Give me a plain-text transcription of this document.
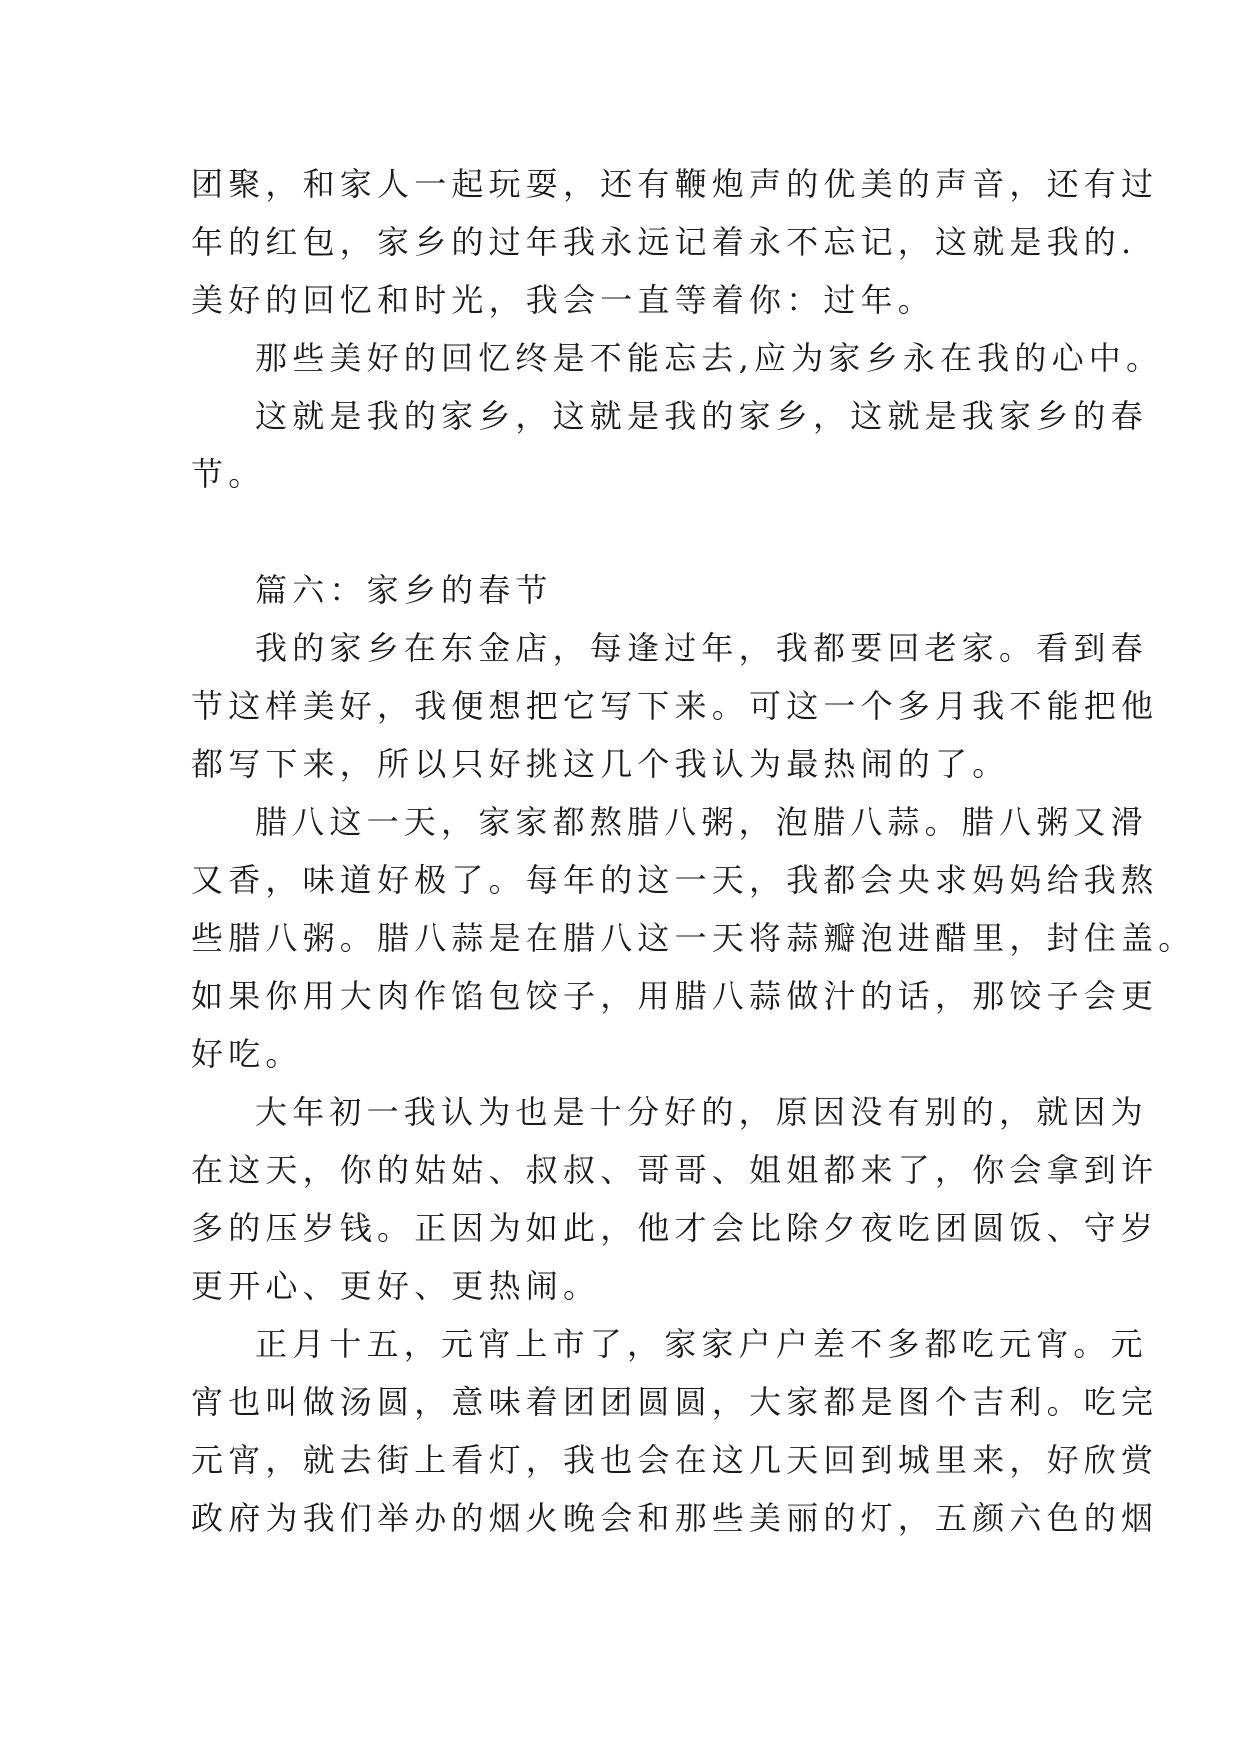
团聚，和家人一起玩耍，还有鞭炮声的优美的声音，还有过
年的红包，家乡的过年我永远记着永不忘记，这就是我的.
美好的回忆和时光，我会一直等着你：过年。
那些美好的回忆终是不能忘去,应为家乡永在我的心中。
这就是我的家乡，这就是我的家乡，这就是我家乡的春
节。
篇六：家乡的春节
我的家乡在东金店，每逢过年，我都要回老家。看到春
节这样美好，我便想把它写下来。可这一个多月我不能把他
都写下来，所以只好挑这几个我认为最热闹的了。
腊八这一天，家家都熬腊八粥，泡腊八蒜。腊八粥又滑
又香，味道好极了。每年的这一天，我都会央求妈妈给我熬
些腊八粥。腊八蒜是在腊八这一天将蒜瓣泡进醋里，封住盖。
如果你用大肉作馅包饺子，用腊八蒜做汁的话，那饺子会更
好吃。
大年初一我认为也是十分好的，原因没有别的，就因为
在这天，你的姑姑、叔叔、哥哥、姐姐都来了，你会拿到许
多的压岁钱。正因为如此，他才会比除夕夜吃团圆饭、守岁
更开心、更好、更热闹。
正月十五，元宵上市了，家家户户差不多都吃元宵。元
宵也叫做汤圆，意味着团团圆圆，大家都是图个吉利。吃完
元宵，就去街上看灯，我也会在这几天回到城里来，好欣赏
政府为我们举办的烟火晚会和那些美丽的灯，五颜六色的烟
